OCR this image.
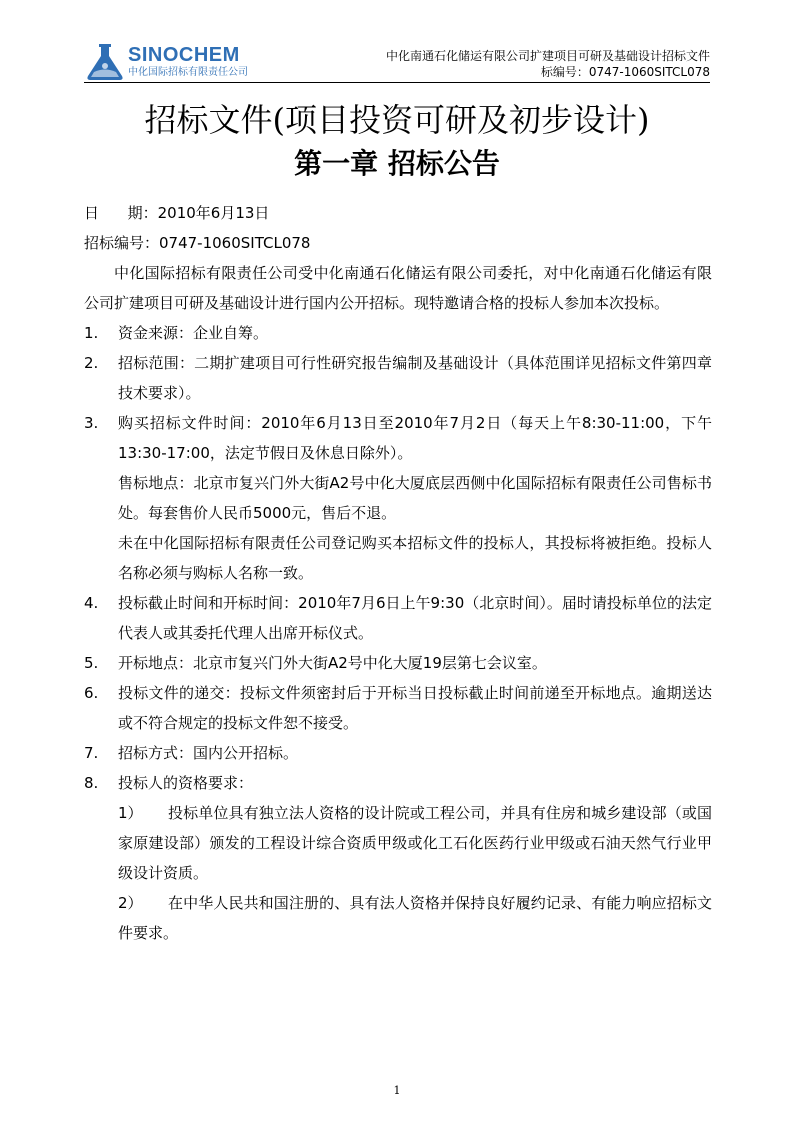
SINOCHEM
中化国际招标有限责任公司
中化南通石化储运有限公司扩建项目可研及基础设计招标文件
标编号：0747-1060SITCL078
招标文件(项目投资可研及初步设计)
第一章 招标公告
日      期：2010年6月13日
招标编号：0747-1060SITCL078
中化国际招标有限责任公司受中化南通石化储运有限公司委托，对中化南通石化储运有限公司扩建项目可研及基础设计进行国内公开招标。现特邀请合格的投标人参加本次投标。
1. 资金来源：企业自筹。
2. 招标范围：二期扩建项目可行性研究报告编制及基础设计（具体范围详见招标文件第四章技术要求）。
3. 购买招标文件时间：2010年6月13日至2010年7月2日（每天上午8:30-11:00，下午13:30-17:00，法定节假日及休息日除外）。
售标地点：北京市复兴门外大街A2号中化大厦底层西侧中化国际招标有限责任公司售标书处。每套售价人民币5000元，售后不退。
未在中化国际招标有限责任公司登记购买本招标文件的投标人，其投标将被拒绝。投标人名称必须与购标人名称一致。
4. 投标截止时间和开标时间：2010年7月6日上午9:30（北京时间）。届时请投标单位的法定代表人或其委托代理人出席开标仪式。
5. 开标地点：北京市复兴门外大街A2号中化大厦19层第七会议室。
6. 投标文件的递交：投标文件须密封后于开标当日投标截止时间前递至开标地点。逾期送达或不符合规定的投标文件恕不接受。
7. 招标方式：国内公开招标。
8. 投标人的资格要求：
1） 投标单位具有独立法人资格的设计院或工程公司，并具有住房和城乡建设部（或国家原建设部）颁发的工程设计综合资质甲级或化工石化医药行业甲级或石油天然气行业甲级设计资质。
2） 在中华人民共和国注册的、具有法人资格并保持良好履约记录、有能力响应招标文件要求。
1
